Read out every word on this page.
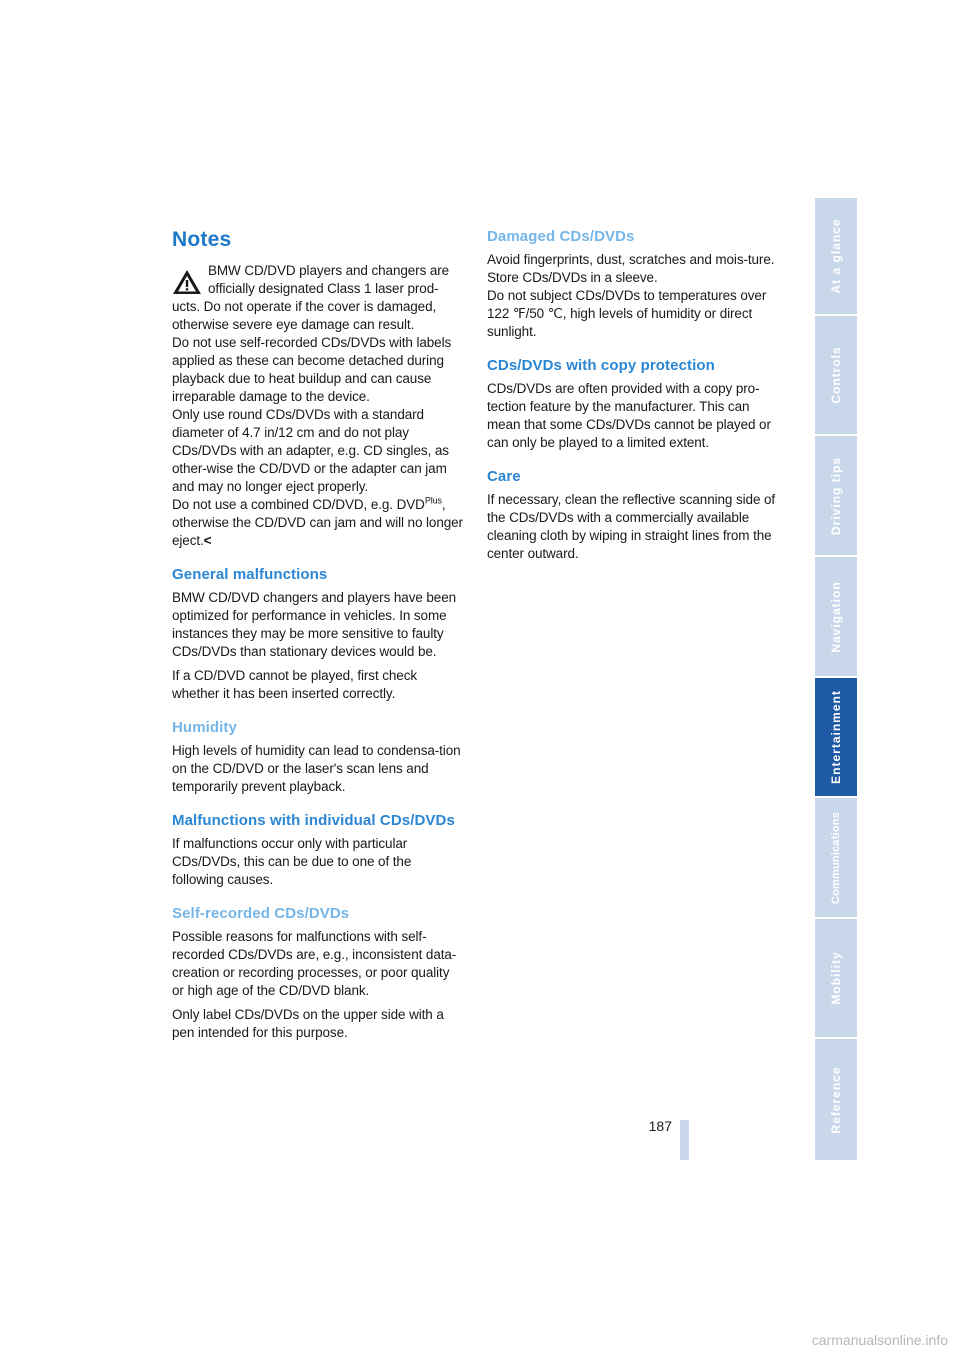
Notes

BMW CD/DVD players and changers are

officially designated Class 1 laser prod-

ucts. Do not operate if the cover is damaged, otherwise severe eye damage can result.

Do not use self-recorded CDs/DVDs with labels applied as these can become detached during playback due to heat buildup and can cause irreparable damage to the device.

Only use round CDs/DVDs with a standard diameter of 4.7 in/12 cm and do not play CDs/DVDs with an adapter, e.g. CD singles, as other-wise the CD/DVD or the adapter can jam and may no longer eject properly.

Do not use a combined CD/DVD, e.g. $DVD^{Plus}$, otherwise the CD/DVD can jam and will no longer eject.<

General malfunctions

BMW CD/DVD changers and players have been optimized for performance in vehicles. In some instances they may be more sensitive to faulty CDs/DVDs than stationary devices would be.

If a CD/DVD cannot be played, first check whether it has been inserted correctly.

Humidity

High levels of humidity can lead to condensa-tion on the CD/DVD or the laser's scan lens and temporarily prevent playback.

Malfunctions with individual CDs/DVDs

If malfunctions occur only with particular CDs/DVDs, this can be due to one of the following causes.

Self-recorded CDs/DVDs

Possible reasons for malfunctions with self-recorded CDs/DVDs are, e.g., inconsistent data-creation or recording processes, or poor quality or high age of the CD/DVD blank.

Only label CDs/DVDs on the upper side with a pen intended for this purpose.

Damaged CDs/DVDs

Avoid fingerprints, dust, scratches and mois-ture.

Store CDs/DVDs in a sleeve.

Do not subject CDs/DVDs to temperatures over 122 ℉/50 ℃, high levels of humidity or direct sunlight.

CDs/DVDs with copy protection

CDs/DVDs are often provided with a copy pro-tection feature by the manufacturer. This can mean that some CDs/DVDs cannot be played or can only be played to a limited extent.

Care

If necessary, clean the reflective scanning side of the CDs/DVDs with a commercially available cleaning cloth by wiping in straight lines from the center outward.

At a glance
Controls
Driving tips
Navigation
Entertainment
Communications
Mobility
Reference
187
carmanualsonline.info
